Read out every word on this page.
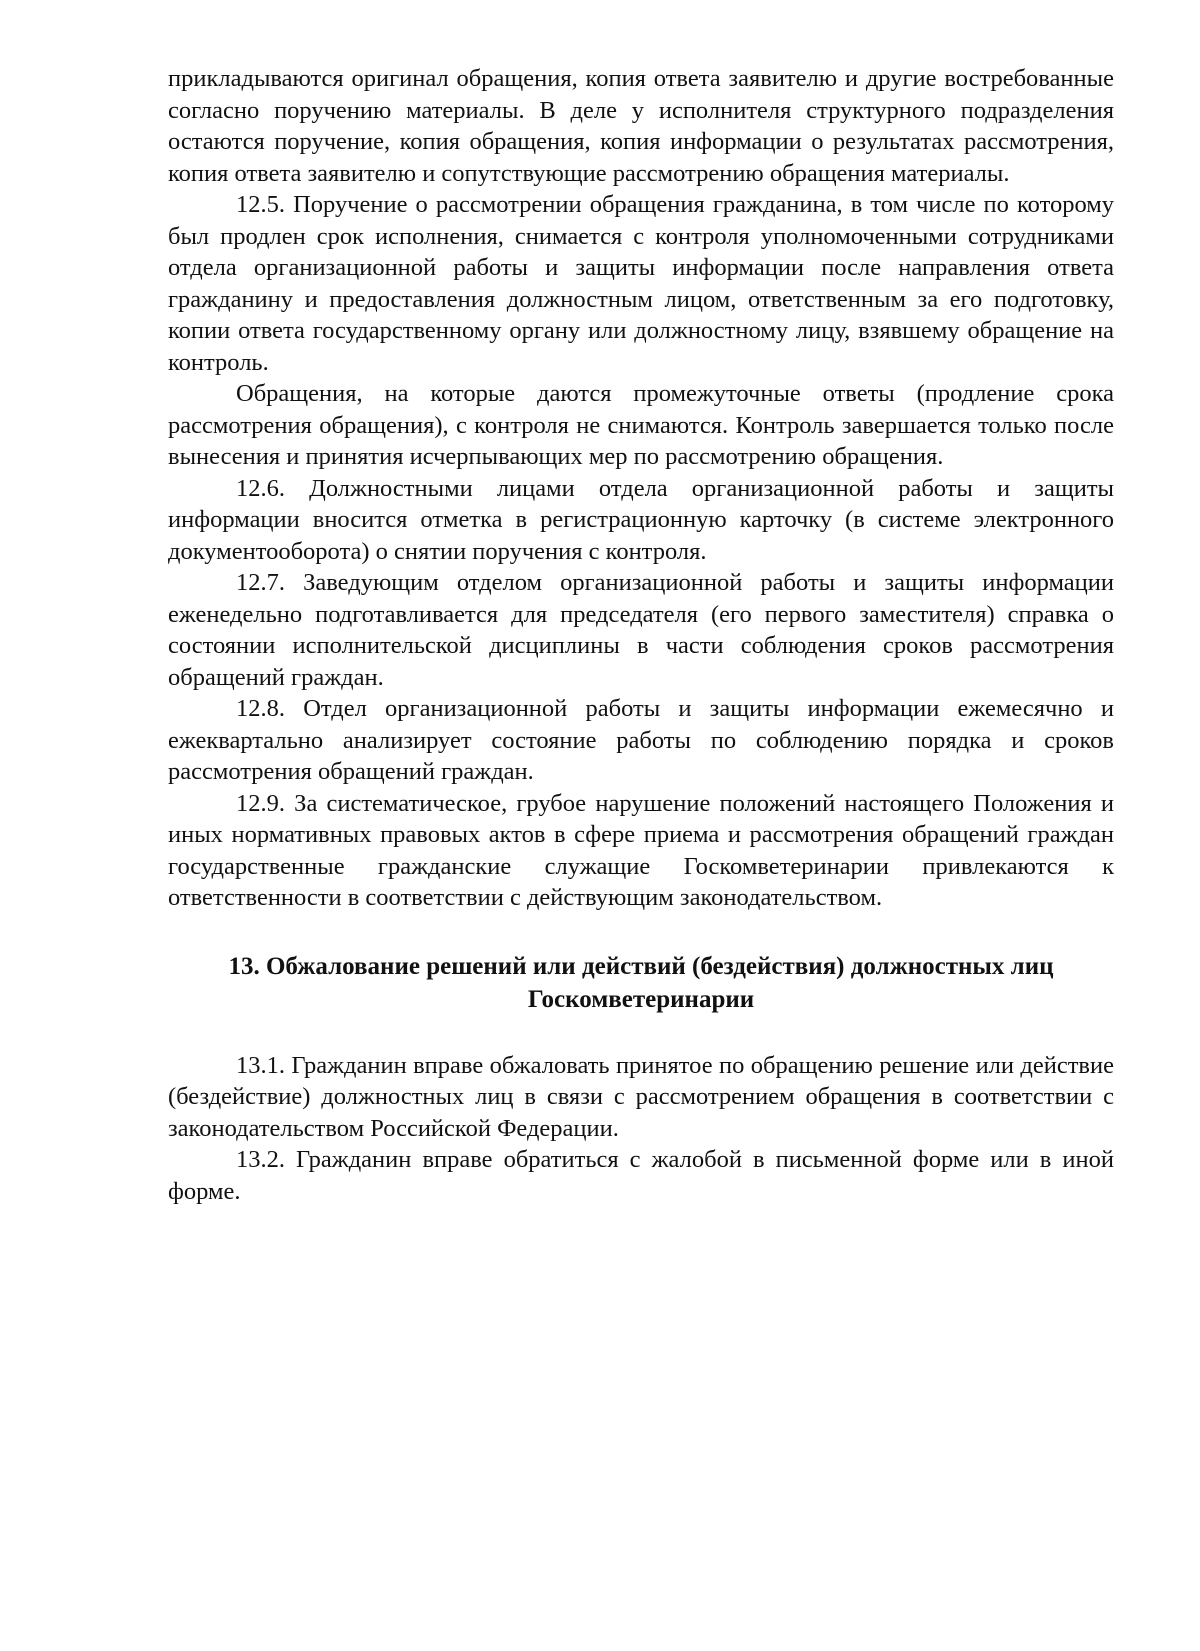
прикладываются оригинал обращения, копия ответа заявителю и другие востребованные согласно поручению материалы. В деле у исполнителя структурного подразделения остаются поручение, копия обращения, копия информации о результатах рассмотрения, копия ответа заявителю и сопутствующие рассмотрению обращения материалы.

12.5. Поручение о рассмотрении обращения гражданина, в том числе по которому был продлен срок исполнения, снимается с контроля уполномоченными сотрудниками отдела организационной работы и защиты информации после направления ответа гражданину и предоставления должностным лицом, ответственным за его подготовку, копии ответа государственному органу или должностному лицу, взявшему обращение на контроль.

Обращения, на которые даются промежуточные ответы (продление срока рассмотрения обращения), с контроля не снимаются. Контроль завершается только после вынесения и принятия исчерпывающих мер по рассмотрению обращения.

12.6. Должностными лицами отдела организационной работы и защиты информации вносится отметка в регистрационную карточку (в системе электронного документооборота) о снятии поручения с контроля.

12.7. Заведующим отделом организационной работы и защиты информации еженедельно подготавливается для председателя (его первого заместителя) справка о состоянии исполнительской дисциплины в части соблюдения сроков рассмотрения обращений граждан.

12.8. Отдел организационной работы и защиты информации ежемесячно и ежеквартально анализирует состояние работы по соблюдению порядка и сроков рассмотрения обращений граждан.

12.9. За систематическое, грубое нарушение положений настоящего Положения и иных нормативных правовых актов в сфере приема и рассмотрения обращений граждан государственные гражданские служащие Госкомветеринарии привлекаются к ответственности в соответствии с действующим законодательством.

13. Обжалование решений или действий (бездействия) должностных лиц
Госкомветеринарии

13.1. Гражданин вправе обжаловать принятое по обращению решение или действие (бездействие) должностных лиц в связи с рассмотрением обращения в соответствии с законодательством Российской Федерации.

13.2. Гражданин вправе обратиться с жалобой в письменной форме или в иной форме.
